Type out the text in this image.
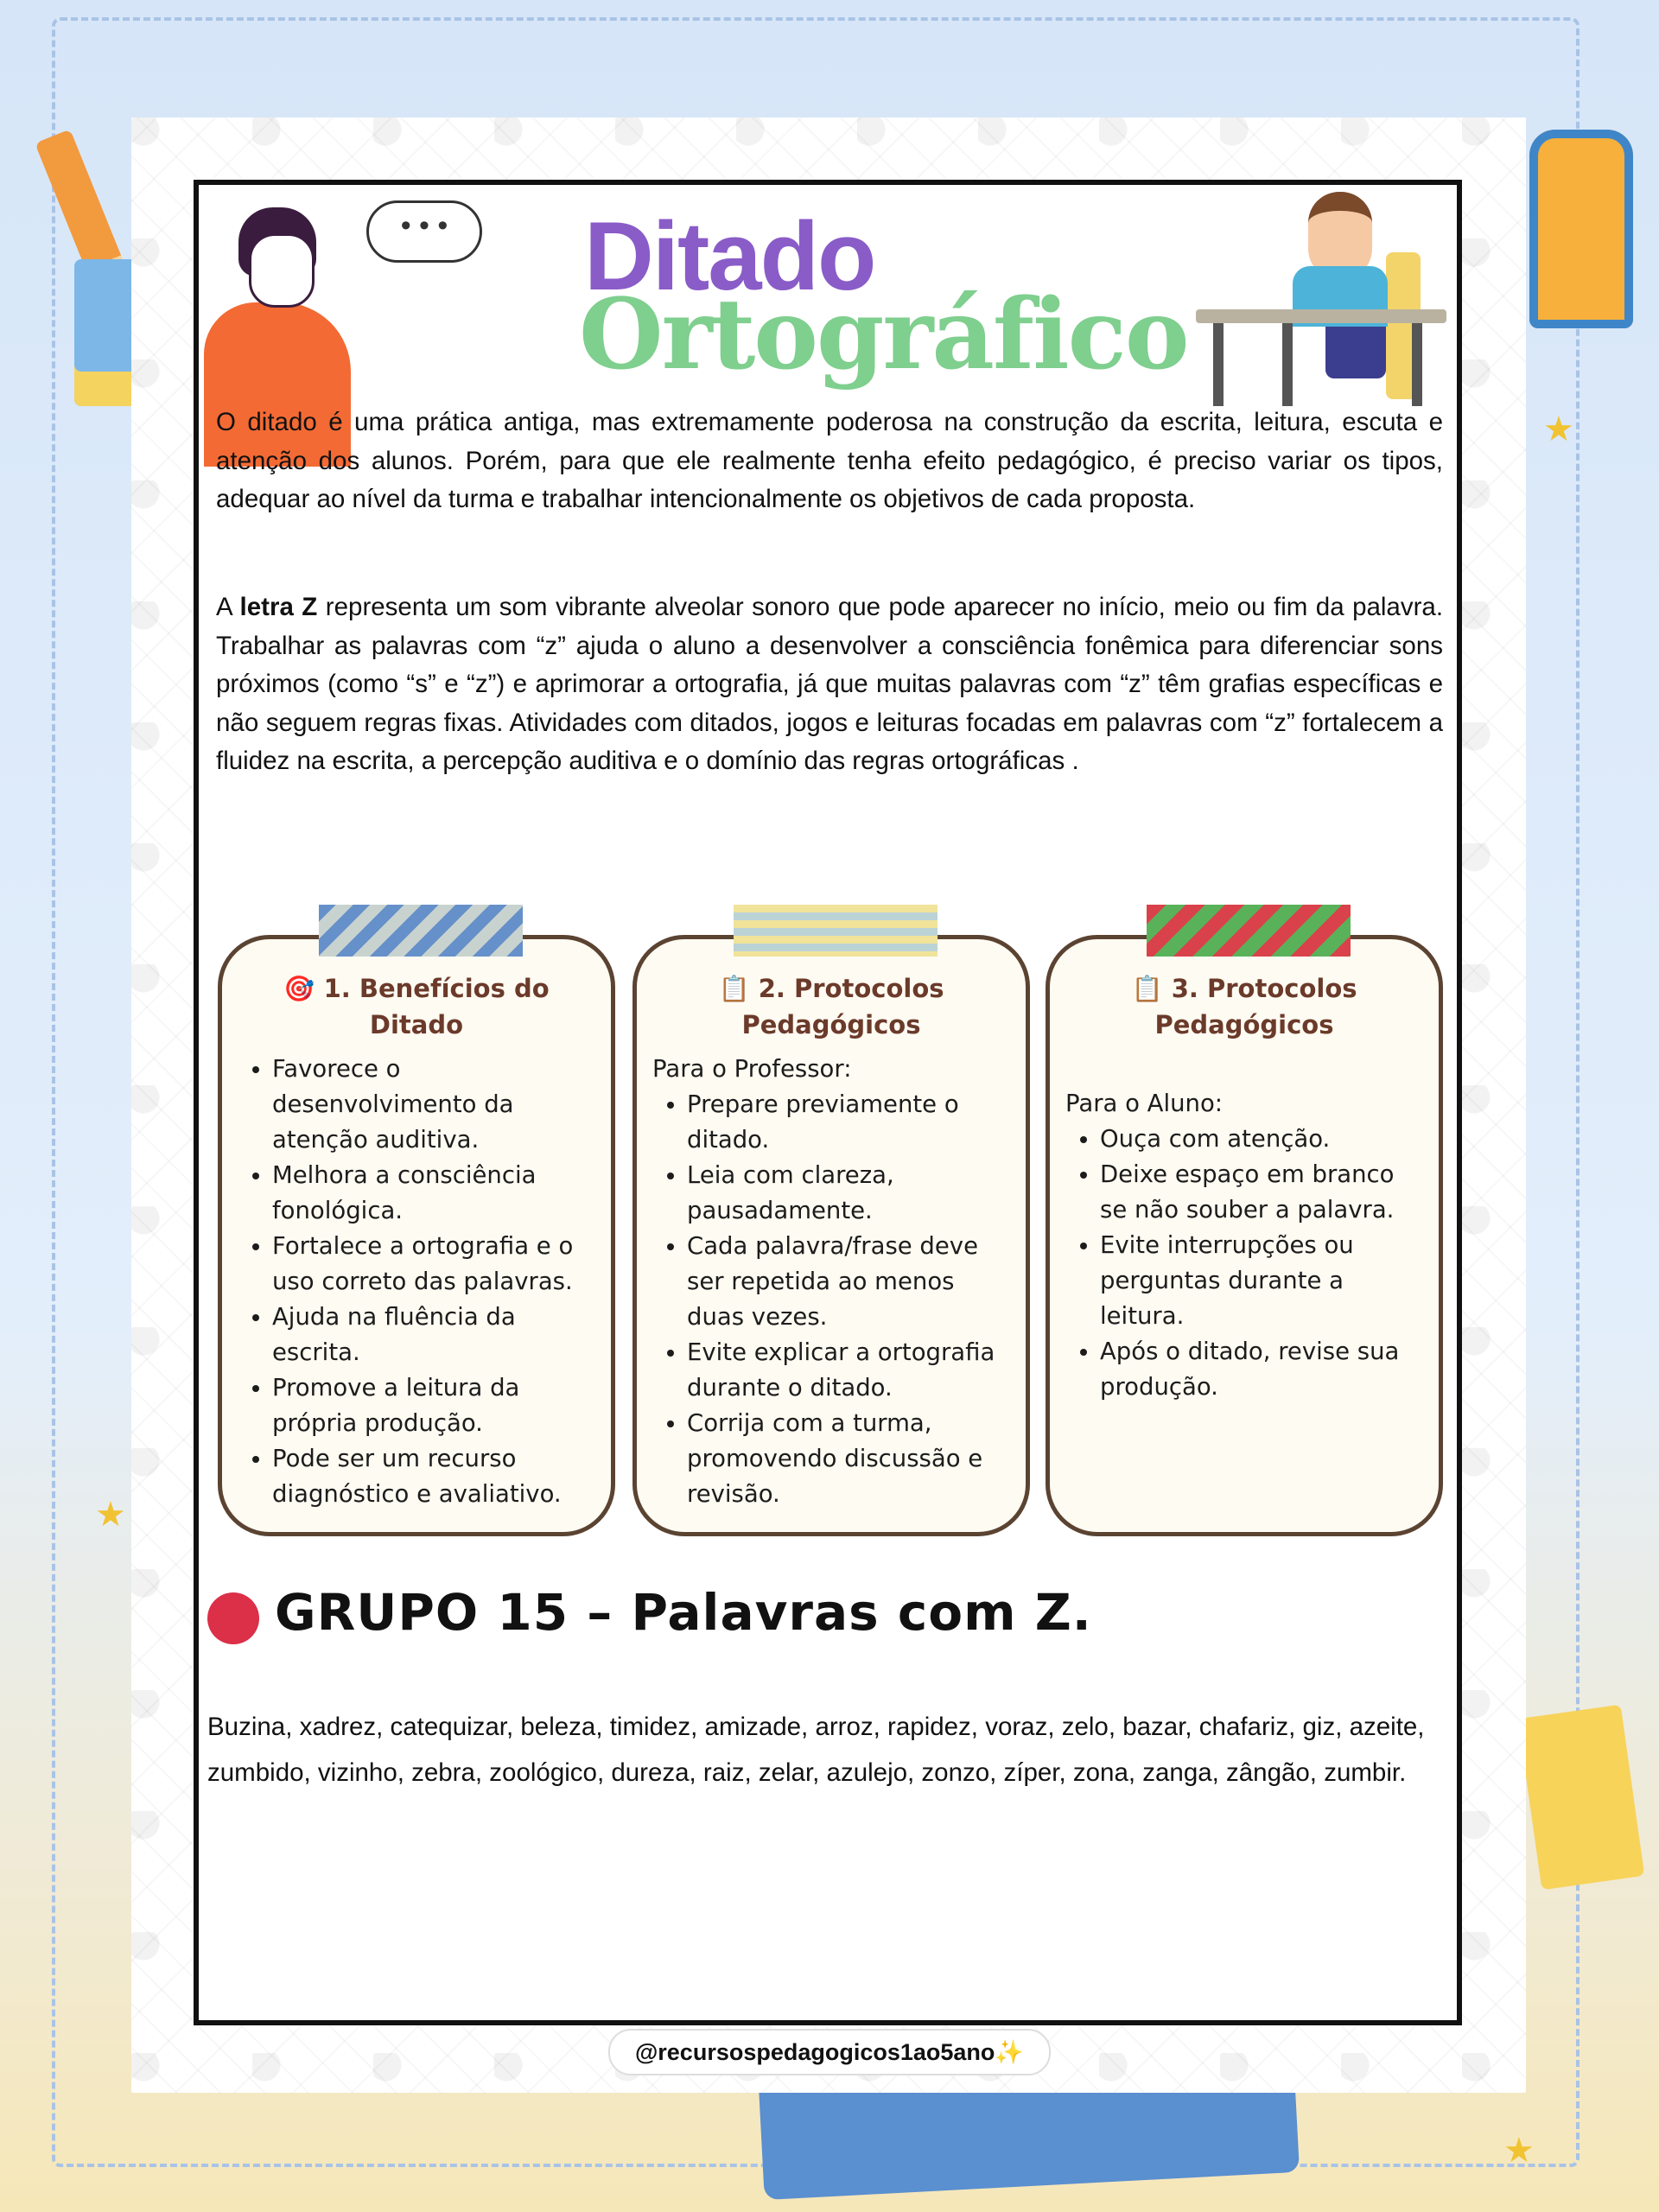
★
★
★
• • •	Ditado
Ortográfico

O ditado é uma prática antiga, mas extremamente poderosa na construção da escrita, leitura, escuta e atenção dos alunos. Porém, para que ele realmente tenha efeito pedagógico, é preciso variar os tipos, adequar ao nível da turma e trabalhar intencionalmente os objetivos de cada proposta.

A letra Z representa um som vibrante alveolar sonoro que pode aparecer no início, meio ou fim da palavra. Trabalhar as palavras com “z” ajuda o aluno a desenvolver a consciência fonêmica para diferenciar sons próximos (como “s” e “z”) e aprimorar a ortografia, já que muitas palavras com “z” têm grafias específicas e não seguem regras fixas. Atividades com ditados, jogos e leituras focadas em palavras com “z” fortalecem a fluidez na escrita, a percepção auditiva e o domínio das regras ortográficas .

🎯 1. Benefícios do Ditado
• Favorece o desenvolvimento da atenção auditiva.
• Melhora a consciência fonológica.
• Fortalece a ortografia e o uso correto das palavras.
• Ajuda na fluência da escrita.
• Promove a leitura da própria produção.
• Pode ser um recurso diagnóstico e avaliativo.
📋 2. Protocolos Pedagógicos

Para o Professor:

• Prepare previamente o ditado.
• Leia com clareza, pausadamente.
• Cada palavra/frase deve ser repetida ao menos duas vezes.
• Evite explicar a ortografia durante o ditado.
• Corrija com a turma, promovendo discussão e revisão.
📋 3. Protocolos Pedagógicos

Para o Aluno:

• Ouça com atenção.
• Deixe espaço em branco se não souber a palavra.
• Evite interrupções ou perguntas durante a leitura.
• Após o ditado, revise sua produção.
GRUPO 15 – Palavras com Z.

Buzina, xadrez, catequizar, beleza, timidez, amizade, arroz, rapidez, voraz, zelo, bazar, chafariz, giz, azeite, zumbido, vizinho, zebra, zoológico, dureza, raiz, zelar, azulejo, zonzo, zíper, zona, zanga, zângão, zumbir.

@recursospedagogicos1ao5ano✨
